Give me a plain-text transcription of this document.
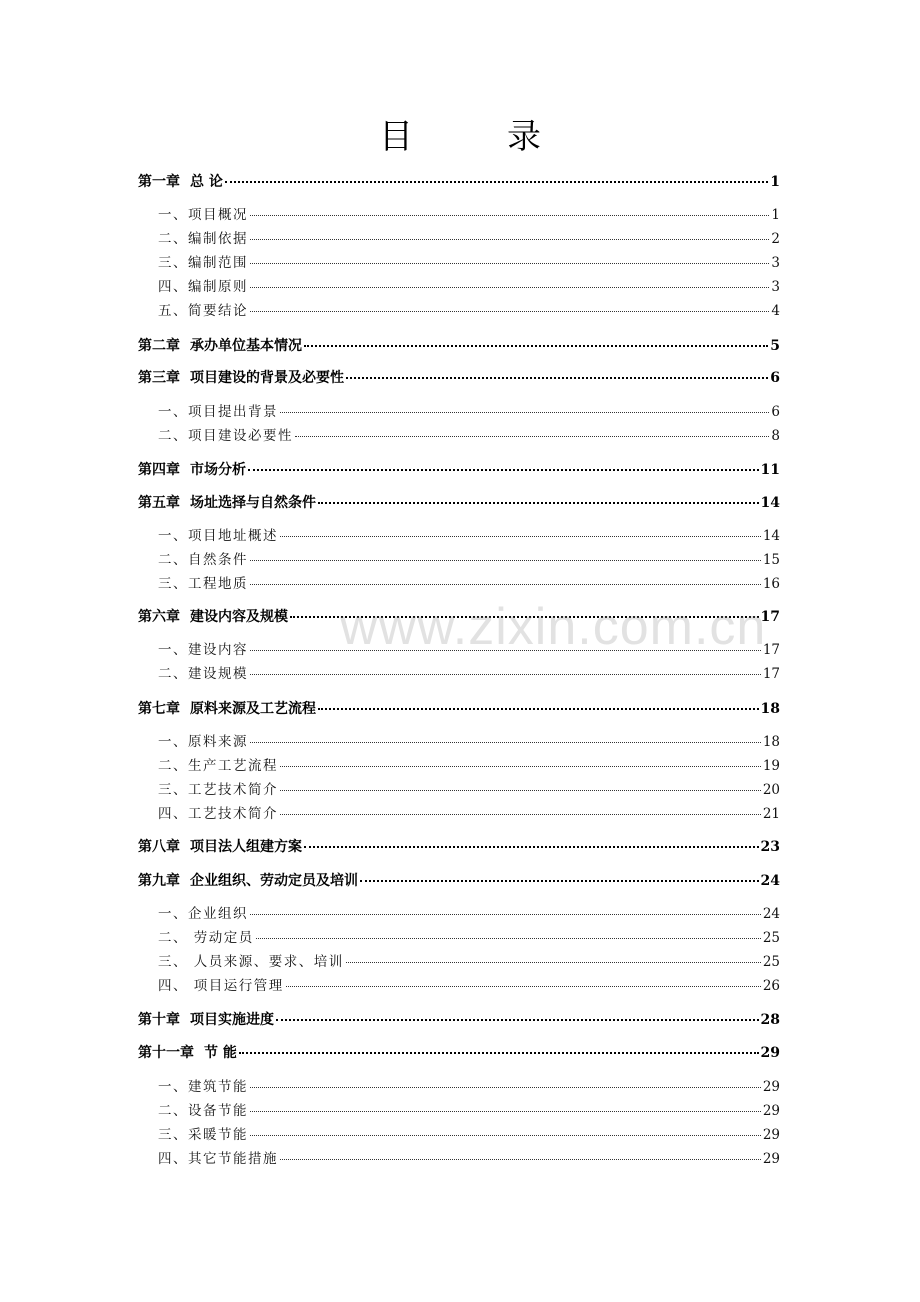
目　录
第一章 总 论	1
一、项目概况	1
二、编制依据	2
三、编制范围	3
四、编制原则	3
五、简要结论	4
第二章 承办单位基本情况	5
第三章 项目建设的背景及必要性	6
一、项目提出背景	6
二、项目建设必要性	8
第四章 市场分析	11
第五章 场址选择与自然条件	14
一、项目地址概述	14
二、自然条件	15
三、工程地质	16
第六章 建设内容及规模	17
一、建设内容	17
二、建设规模	17
第七章 原料来源及工艺流程	18
一、原料来源	18
二、生产工艺流程	19
三、工艺技术简介	20
四、工艺技术简介	21
第八章 项目法人组建方案	23
第九章 企业组织、劳动定员及培训	24
一、企业组织	24
二、 劳动定员	25
三、 人员来源、要求、培训	25
四、 项目运行管理	26
第十章 项目实施进度	28
第十一章 节 能	29
一、建筑节能	29
二、设备节能	29
三、采暖节能	29
四、其它节能措施	29
www.zixin.com.cn
